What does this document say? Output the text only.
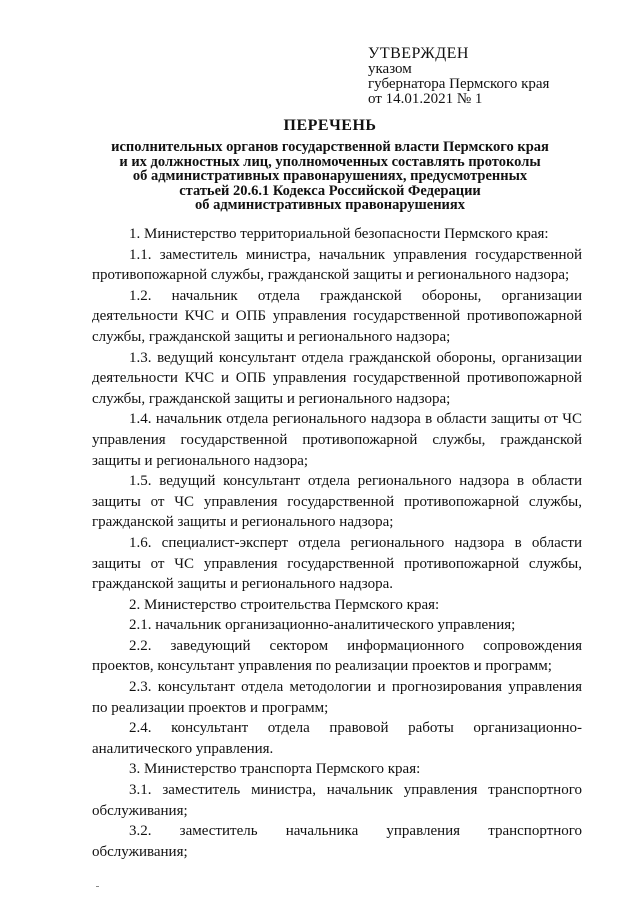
УТВЕРЖДЕН
указом
губернатора Пермского края
от 14.01.2021 № 1
ПЕРЕЧЕНЬ
исполнительных органов государственной власти Пермского края
и их должностных лиц, уполномоченных составлять протоколы
об административных правонарушениях, предусмотренных
статьей 20.6.1 Кодекса Российской Федерации
об административных правонарушениях

1. Министерство территориальной безопасности Пермского края:

1.1. заместитель министра, начальник управления государственной противопожарной службы, гражданской защиты и регионального надзора;

1.2. начальник отдела гражданской обороны, организации деятельности КЧС и ОПБ управления государственной противопожарной службы, гражданской защиты и регионального надзора;

1.3. ведущий консультант отдела гражданской обороны, организации деятельности КЧС и ОПБ управления государственной противопожарной службы, гражданской защиты и регионального надзора;

1.4. начальник отдела регионального надзора в области защиты от ЧС управления государственной противопожарной службы, гражданской защиты и регионального надзора;

1.5. ведущий консультант отдела регионального надзора в области защиты от ЧС управления государственной противопожарной службы, гражданской защиты и регионального надзора;

1.6. специалист-эксперт отдела регионального надзора в области защиты от ЧС управления государственной противопожарной службы, гражданской защиты и регионального надзора.

2. Министерство строительства Пермского края:

2.1. начальник организационно-аналитического управления;

2.2. заведующий сектором информационного сопровождения проектов, консультант управления по реализации проектов и программ;

2.3. консультант отдела методологии и прогнозирования управления по реализации проектов и программ;

2.4. консультант отдела правовой работы организационно-аналитического управления.

3. Министерство транспорта Пермского края:

3.1. заместитель министра, начальник управления транспортного обслуживания;

3.2. заместитель начальника управления транспортного обслуживания;
